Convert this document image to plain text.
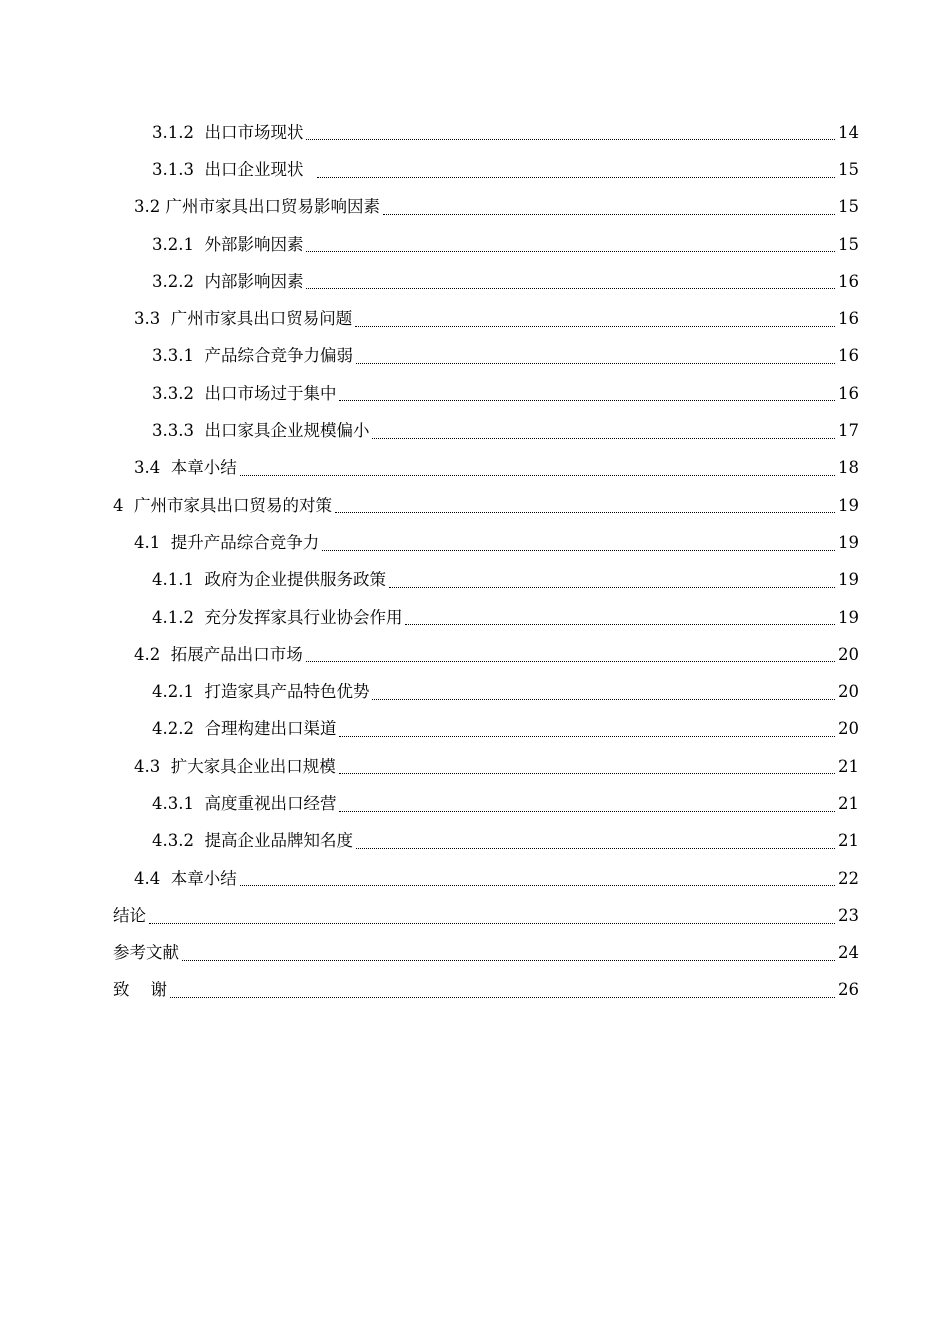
3.1.2  出口市场现状	14
3.1.3  出口企业现状	15
3.2 广州市家具出口贸易影响因素	15
3.2.1  外部影响因素	15
3.2.2  内部影响因素	16
3.3  广州市家具出口贸易问题	16
3.3.1  产品综合竞争力偏弱	16
3.3.2  出口市场过于集中	16
3.3.3  出口家具企业规模偏小	17
3.4  本章小结	18
4  广州市家具出口贸易的对策	19
4.1  提升产品综合竞争力	19
4.1.1  政府为企业提供服务政策	19
4.1.2  充分发挥家具行业协会作用	19
4.2  拓展产品出口市场	20
4.2.1  打造家具产品特色优势	20
4.2.2  合理构建出口渠道	20
4.3  扩大家具企业出口规模	21
4.3.1  高度重视出口经营	21
4.3.2  提高企业品牌知名度	21
4.4  本章小结	22
结论	23
参考文献	24
致    谢	26
